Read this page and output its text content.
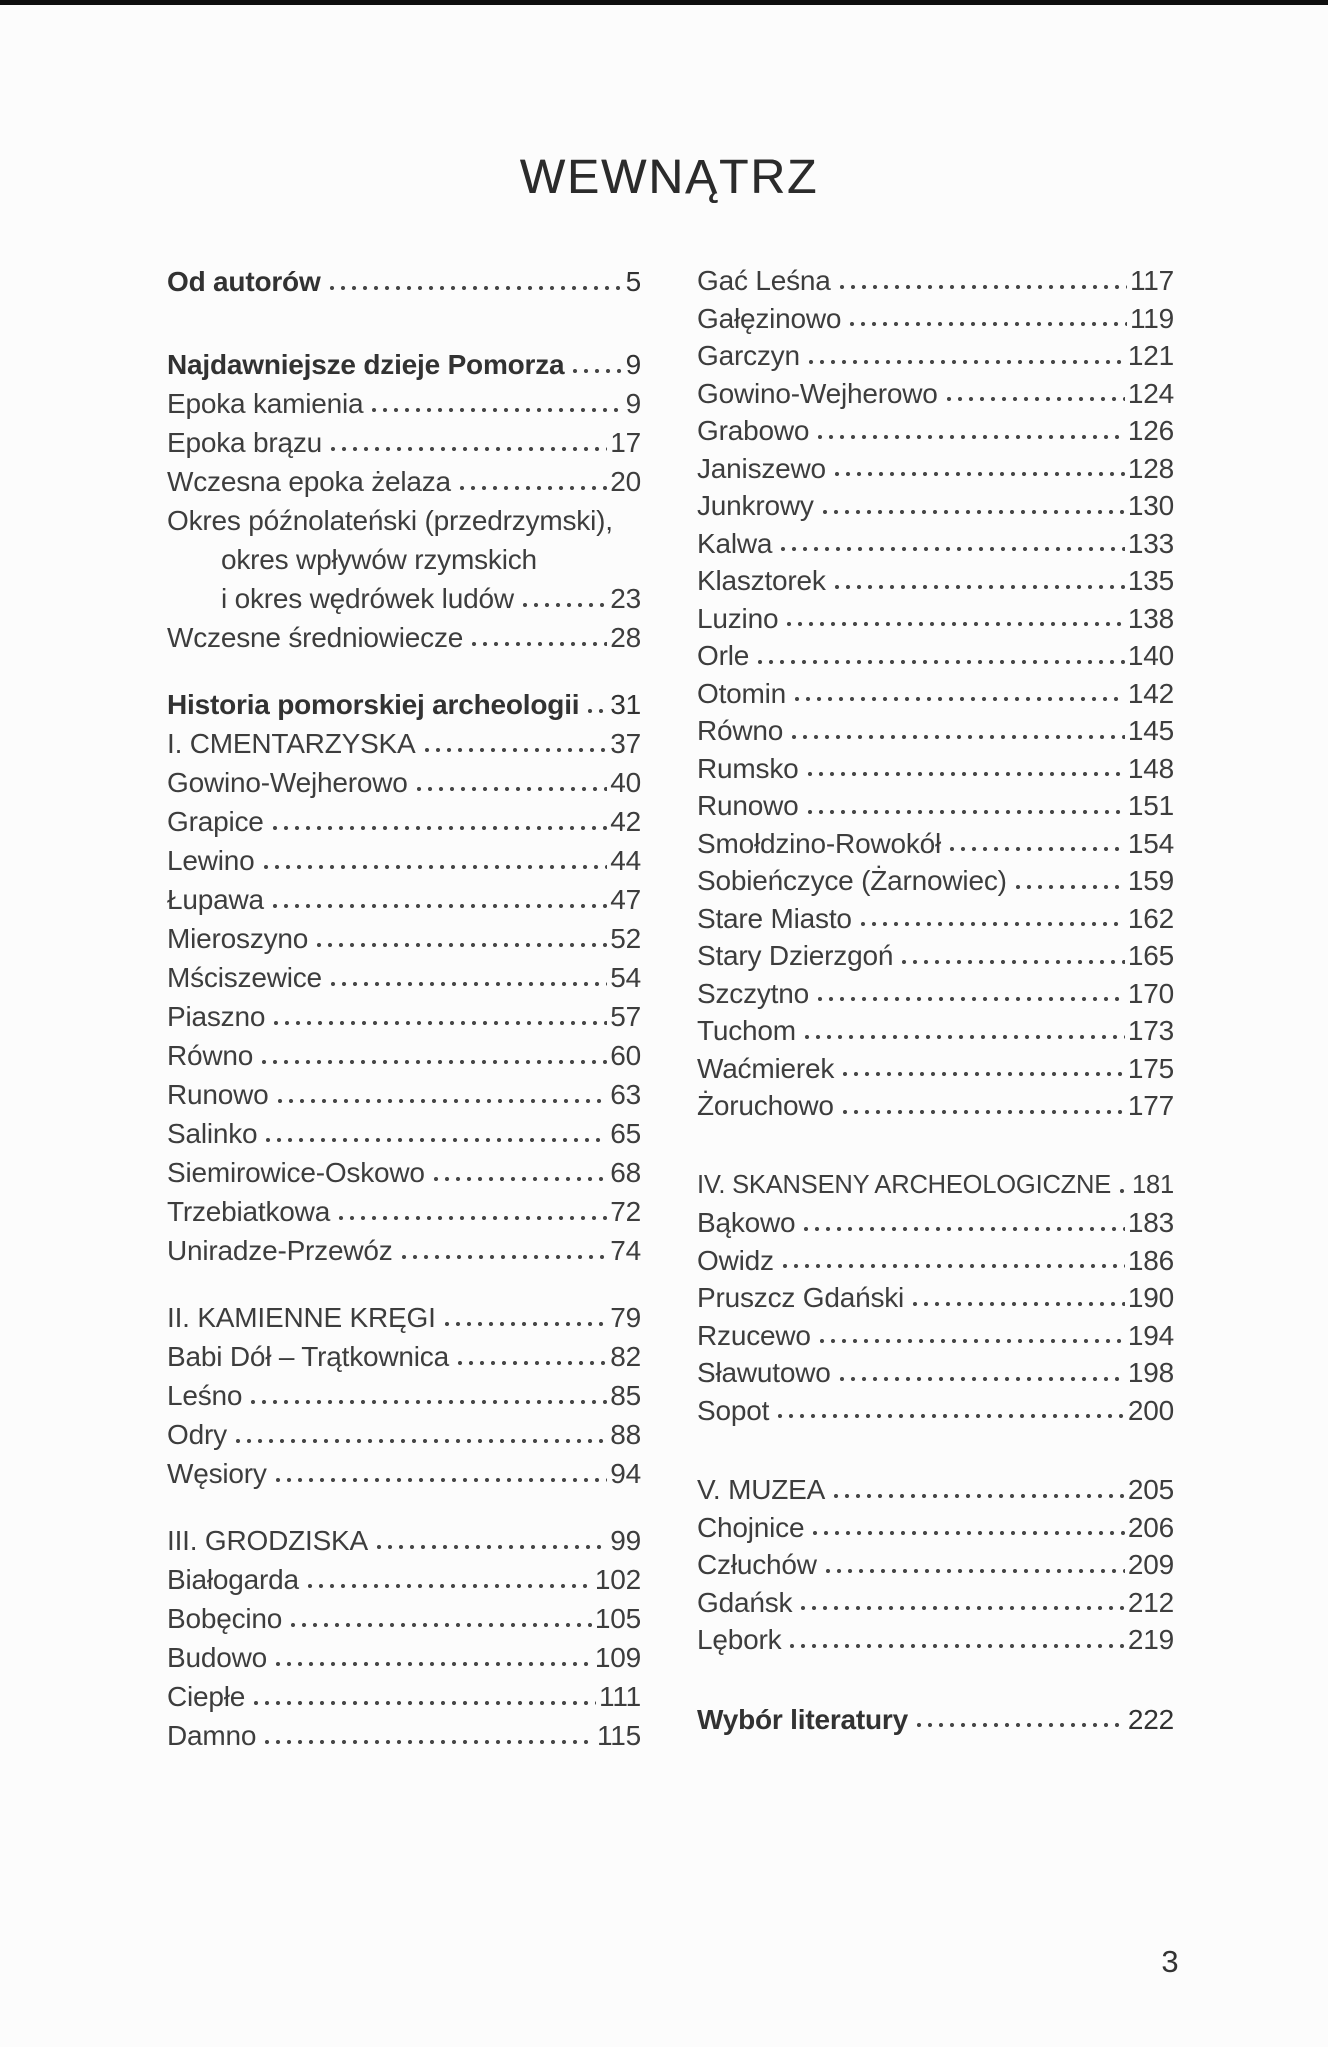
WEWNĄTRZ
Od autorów	5
Najdawniejsze dzieje Pomorza 9
Epoka kamienia	9
Epoka brązu	17
Wczesna epoka żelaza	20
Okres późnolateński (przedrzymski),
okres wpływów rzymskich
i okres wędrówek ludów	23
Wczesne średniowiecze	28
Historia pomorskiej archeologii 31
I. CMENTARZYSKA	37
Gowino-Wejherowo	40
Grapice	42
Lewino	44
Łupawa	47
Mieroszyno	52
Mściszewice	54
Piaszno	57
Równo	60
Runowo	63
Salinko	65
Siemirowice-Oskowo	68
Trzebiatkowa	72
Uniradze-Przewóz	74
II. KAMIENNE KRĘGI	79
Babi Dół – Trątkownica	82
Leśno	85
Odry	88
Węsiory	94
III. GRODZISKA	99
Białogarda	102
Bobęcino	105
Budowo	109
Ciepłe	111
Damno	115
Gać Leśna	117
Gałęzinowo	119
Garczyn	121
Gowino-Wejherowo	124
Grabowo	126
Janiszewo	128
Junkrowy	130
Kalwa	133
Klasztorek	135
Luzino	138
Orle	140
Otomin	142
Równo	145
Rumsko	148
Runowo	151
Smołdzino-Rowokół	154
Sobieńczyce (Żarnowiec)	159
Stare Miasto	162
Stary Dzierzgoń	165
Szczytno	170
Tuchom	173
Waćmierek	175
Żoruchowo	177
IV. SKANSENY ARCHEOLOGICZNE 181
Bąkowo	183
Owidz	186
Pruszcz Gdański	190
Rzucewo	194
Sławutowo	198
Sopot	200
V. MUZEA	205
Chojnice	206
Człuchów	209
Gdańsk	212
Lębork	219
Wybór literatury	222
3
